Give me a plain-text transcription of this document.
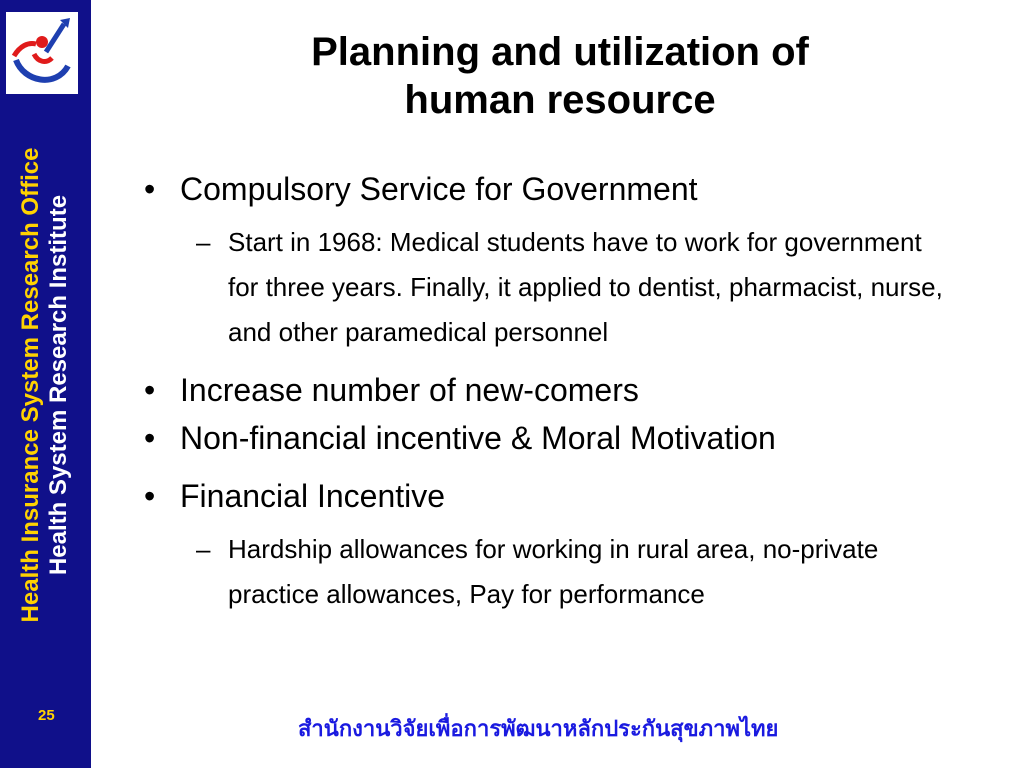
Health Insurance System Research Office Health System Research Institute
25
Planning and utilization of
human resource
• Compulsory Service for Government
– Start in 1968: Medical students have to work for government for three years. Finally, it applied to dentist, pharmacist, nurse, and other paramedical personnel
• Increase number of new-comers
• Non-financial incentive & Moral Motivation
• Financial Incentive
– Hardship allowances for working in rural area, no-private practice allowances, Pay for performance
สำนักงานวิจัยเพื่อการพัฒนาหลักประกันสุขภาพไทย
